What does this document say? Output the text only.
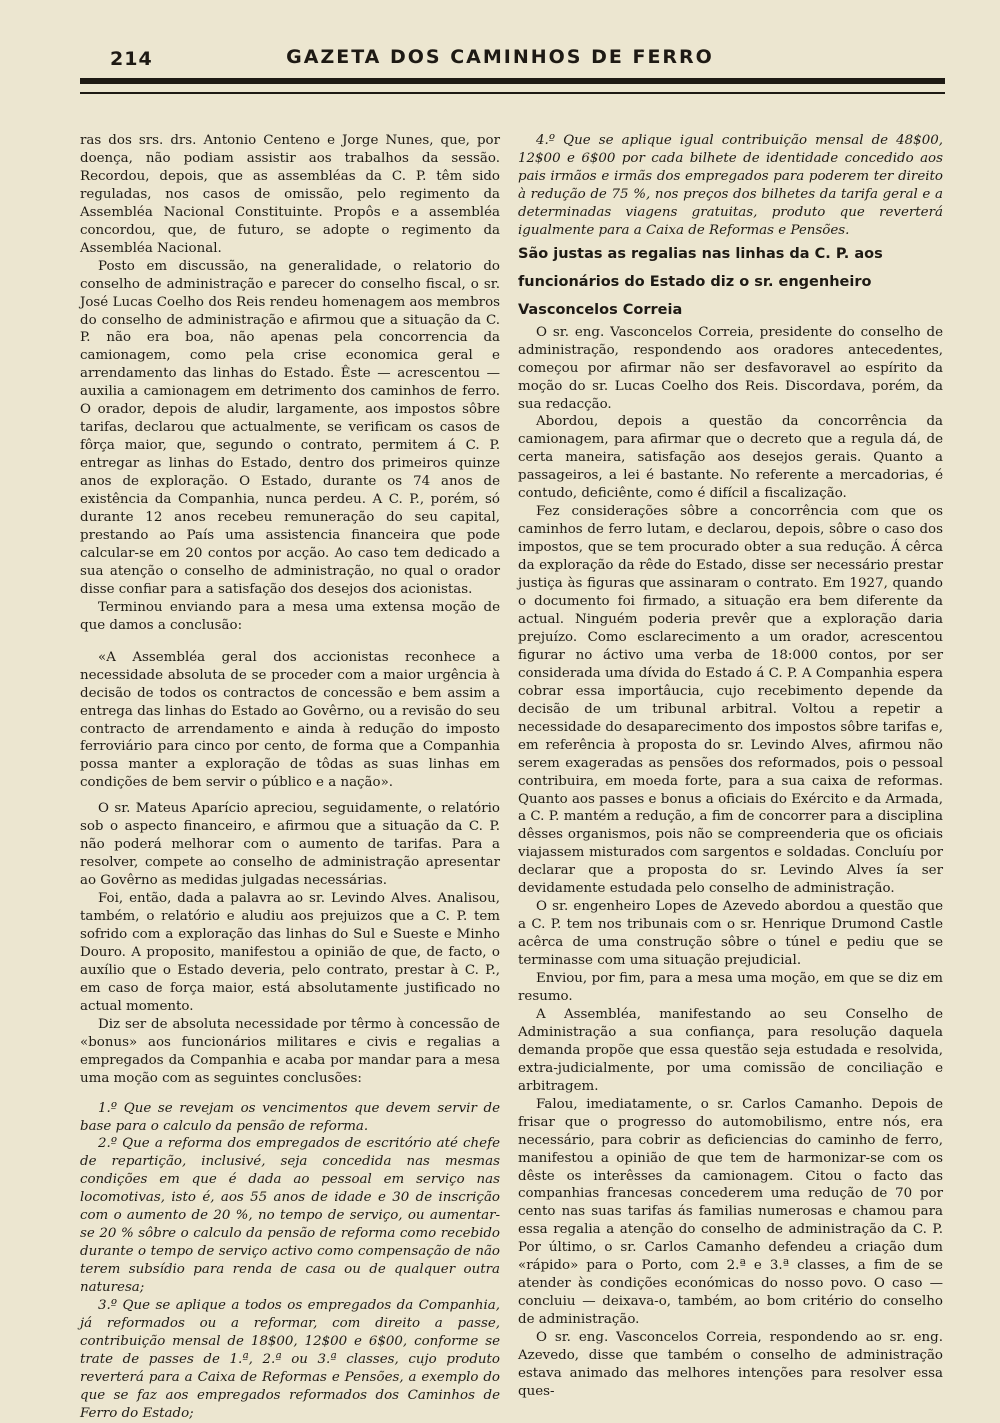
214	GAZETA DOS CAMINHOS DE FERRO

ras dos srs. drs. Antonio Centeno e Jorge Nunes, que, por doença, não podiam assistir aos trabalhos da sessão. Recordou, depois, que as assembléas da C. P. têm sido reguladas, nos casos de omissão, pelo regimento da Assembléa Nacional Constituinte. Propôs e a assembléa concordou, que, de futuro, se adopte o regimento da Assembléa Nacional.

Posto em discussão, na generalidade, o relatorio do conselho de administração e parecer do conselho fiscal, o sr. José Lucas Coelho dos Reis rendeu homenagem aos membros do conselho de administração e afirmou que a situação da C. P. não era boa, não apenas pela concorrencia da camionagem, como pela crise economica geral e arrendamento das linhas do Estado. Êste — acrescentou — auxilia a camionagem em detrimento dos caminhos de ferro. O orador, depois de aludir, largamente, aos impostos sôbre tarifas, declarou que actualmente, se verificam os casos de fôrça maior, que, segundo o contrato, permitem á C. P. entregar as linhas do Estado, dentro dos primeiros quinze anos de exploração. O Estado, durante os 74 anos de existência da Companhia, nunca perdeu. A C. P., porém, só durante 12 anos recebeu remuneração do seu capital, prestando ao País uma assistencia financeira que pode calcular-se em 20 contos por acção. Ao caso tem dedicado a sua atenção o conselho de administração, no qual o orador disse confiar para a satisfação dos desejos dos acionistas.

Terminou enviando para a mesa uma extensa moção de que damos a conclusão:

«A Assembléa geral dos accionistas reconhece a necessidade absoluta de se proceder com a maior urgência à decisão de todos os contractos de concessão e bem assim a entrega das linhas do Estado ao Govêrno, ou a revisão do seu contracto de arrendamento e ainda à redução do imposto ferroviário para cinco por cento, de forma que a Companhia possa manter a exploração de tôdas as suas linhas em condições de bem servir o público e a nação».

O sr. Mateus Aparício apreciou, seguidamente, o relatório sob o aspecto financeiro, e afirmou que a situação da C. P. não poderá melhorar com o aumento de tarifas. Para a resolver, compete ao conselho de administração apresentar ao Govêrno as medidas julgadas necessárias.

Foi, então, dada a palavra ao sr. Levindo Alves. Analisou, também, o relatório e aludiu aos prejuizos que a C. P. tem sofrido com a exploração das linhas do Sul e Sueste e Minho Douro. A proposito, manifestou a opinião de que, de facto, o auxílio que o Estado deveria, pelo contrato, prestar à C. P., em caso de força maior, está absolutamente justificado no actual momento.

Diz ser de absoluta necessidade por têrmo à concessão de «bonus» aos funcionários militares e civis e regalias a empregados da Companhia e acaba por mandar para a mesa uma moção com as seguintes conclusões:

1.º Que se revejam os vencimentos que devem servir de base para o calculo da pensão de reforma.

2.º Que a reforma dos empregados de escritório até chefe de repartição, inclusivé, seja concedida nas mesmas condições em que é dada ao pessoal em serviço nas locomotivas, isto é, aos 55 anos de idade e 30 de inscrição com o aumento de 20 %, no tempo de serviço, ou aumentar-se 20 % sôbre o calculo da pensão de reforma como recebido durante o tempo de serviço activo como compensação de não terem subsídio para renda de casa ou de qualquer outra naturesa;

3.º Que se aplique a todos os empregados da Companhia, já reformados ou a reformar, com direito a passe, contribuição mensal de 18$00, 12$00 e 6$00, conforme se trate de passes de 1.ª, 2.ª ou 3.ª classes, cujo produto reverterá para a Caixa de Reformas e Pensões, a exemplo do que se faz aos empregados reformados dos Caminhos de Ferro do Estado;

4.º Que se aplique igual contribuição mensal de 48$00, 12$00 e 6$00 por cada bilhete de identidade concedido aos pais irmãos e irmãs dos empregados para poderem ter direito à redução de 75 %, nos preços dos bilhetes da tarifa geral e a determinadas viagens gratuitas, produto que reverterá igualmente para a Caixa de Reformas e Pensões.

São justas as regalias nas linhas da C. P. aos funcionários do Estado diz o sr. engenheiro Vasconcelos Correia

O sr. eng. Vasconcelos Correia, presidente do conselho de administração, respondendo aos oradores antecedentes, começou por afirmar não ser desfavoravel ao espírito da moção do sr. Lucas Coelho dos Reis. Discordava, porém, da sua redacção.

Abordou, depois a questão da concorrência da camionagem, para afirmar que o decreto que a regula dá, de certa maneira, satisfação aos desejos gerais. Quanto a passageiros, a lei é bastante. No referente a mercadorias, é contudo, deficiênte, como é difícil a fiscalização.

Fez considerações sôbre a concorrência com que os caminhos de ferro lutam, e declarou, depois, sôbre o caso dos impostos, que se tem procurado obter a sua redução. Á cêrca da exploração da rêde do Estado, disse ser necessário prestar justiça às figuras que assinaram o contrato. Em 1927, quando o documento foi firmado, a situação era bem diferente da actual. Ninguém poderia prevêr que a exploração daria prejuízo. Como esclarecimento a um orador, acrescentou figurar no áctivo uma verba de 18:000 contos, por ser considerada uma dívida do Estado á C. P. A Companhia espera cobrar essa importâucia, cujo recebimento depende da decisão de um tribunal arbitral. Voltou a repetir a necessidade do desaparecimento dos impostos sôbre tarifas e, em referência à proposta do sr. Levindo Alves, afirmou não serem exageradas as pensões dos reformados, pois o pessoal contribuira, em moeda forte, para a sua caixa de reformas. Quanto aos passes e bonus a oficiais do Exército e da Armada, a C. P. mantém a redução, a fim de concorrer para a disciplina dêsses organismos, pois não se compreenderia que os oficiais viajassem misturados com sargentos e soldadas. Concluíu por declarar que a proposta do sr. Levindo Alves ía ser devidamente estudada pelo conselho de administração.

O sr. engenheiro Lopes de Azevedo abordou a questão que a C. P. tem nos tribunais com o sr. Henrique Drumond Castle acêrca de uma construção sôbre o túnel e pediu que se terminasse com uma situação prejudicial.

Enviou, por fim, para a mesa uma moção, em que se diz em resumo.

A Assembléa, manifestando ao seu Conselho de Administração a sua confiança, para resolução daquela demanda propõe que essa questão seja estudada e resolvida, extra-judicialmente, por uma comissão de conciliação e arbitragem.

Falou, imediatamente, o sr. Carlos Camanho. Depois de frisar que o progresso do automobilismo, entre nós, era necessário, para cobrir as deficiencias do caminho de ferro, manifestou a opinião de que tem de harmonizar-se com os dêste os interêsses da camionagem. Citou o facto das companhias francesas concederem uma redução de 70 por cento nas suas tarifas ás familias numerosas e chamou para essa regalia a atenção do conselho de administração da C. P. Por último, o sr. Carlos Camanho defendeu a criação dum «rápido» para o Porto, com 2.ª e 3.ª classes, a fim de se atender às condições económicas do nosso povo. O caso — concluiu — deixava-o, também, ao bom critério do conselho de administração.

O sr. eng. Vasconcelos Correia, respondendo ao sr. eng. Azevedo, disse que também o conselho de administração estava animado das melhores intenções para resolver essa ques-
